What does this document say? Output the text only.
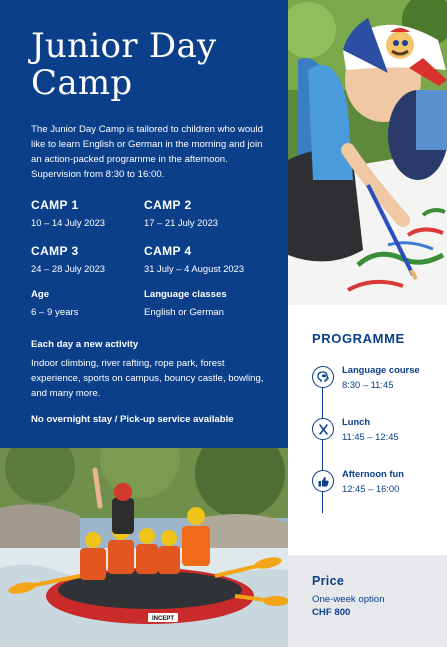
Junior Day
Camp

The Junior Day Camp is tailored to children who would like to learn English or German in the morning and join an action-packed programme in the afternoon. Supervision from 8:30 to 16:00.

CAMP 1
10 – 14 July 2023
CAMP 2
17 – 21 July 2023
CAMP 3
24 – 28 July 2023
CAMP 4
31 July – 4 August 2023
Age
6 – 9 years
Language classes
English or German
Each day a new activity

Indoor climbing, river rafting, rope park, forest experience, sports on campus, bouncy castle, bowling, and many more.

No overnight stay / Pick-up service available
PROGRAMME
Language course
8:30 – 11:45
Lunch
11:45 – 12:45
Afternoon fun
12:45 – 16:00
INCEPT
Price
One-week option
CHF 800
